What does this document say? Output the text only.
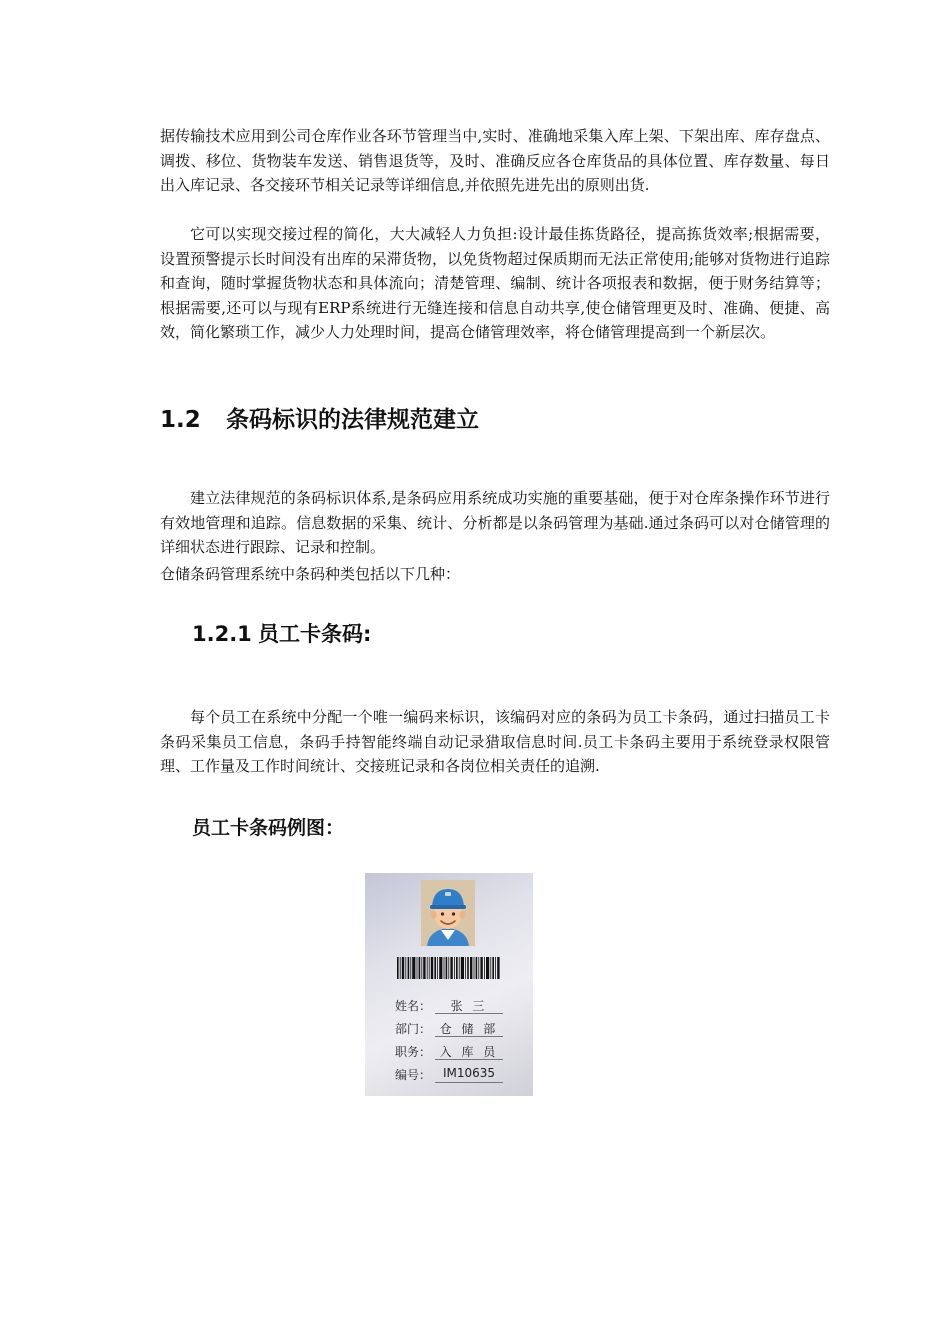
据传输技术应用到公司仓库作业各环节管理当中,实时、准确地采集入库上架、下架出库、库存盘点、调拨、移位、货物装车发送、销售退货等，及时、准确反应各仓库货品的具体位置、库存数量、每日出入库记录、各交接环节相关记录等详细信息,并依照先进先出的原则出货.

它可以实现交接过程的简化，大大减轻人力负担:设计最佳拣货路径，提高拣货效率;根据需要，设置预警提示长时间没有出库的呆滞货物，以免货物超过保质期而无法正常使用;能够对货物进行追踪和查询，随时掌握货物状态和具体流向；清楚管理、编制、统计各项报表和数据，便于财务结算等；根据需要,还可以与现有ERP系统进行无缝连接和信息自动共享,使仓储管理更及时、准确、便捷、高效，简化繁琐工作，减少人力处理时间，提高仓储管理效率，将仓储管理提高到一个新层次。

1.2 条码标识的法律规范建立

建立法律规范的条码标识体系,是条码应用系统成功实施的重要基础，便于对仓库条操作环节进行有效地管理和追踪。信息数据的采集、统计、分析都是以条码管理为基础.通过条码可以对仓储管理的详细状态进行跟踪、记录和控制。

仓储条码管理系统中条码种类包括以下几种：

1.2.1 员工卡条码:

每个员工在系统中分配一个唯一编码来标识，该编码对应的条码为员工卡条码，通过扫描员工卡条码采集员工信息，条码手持智能终端自动记录猎取信息时间.员工卡条码主要用于系统登录权限管理、工作量及工作时间统计、交接班记录和各岗位相关责任的追溯.

员工卡条码例图：
姓名：	张 三
部门： 仓 储 部
职务： 入 库 员
编号： IM10635
